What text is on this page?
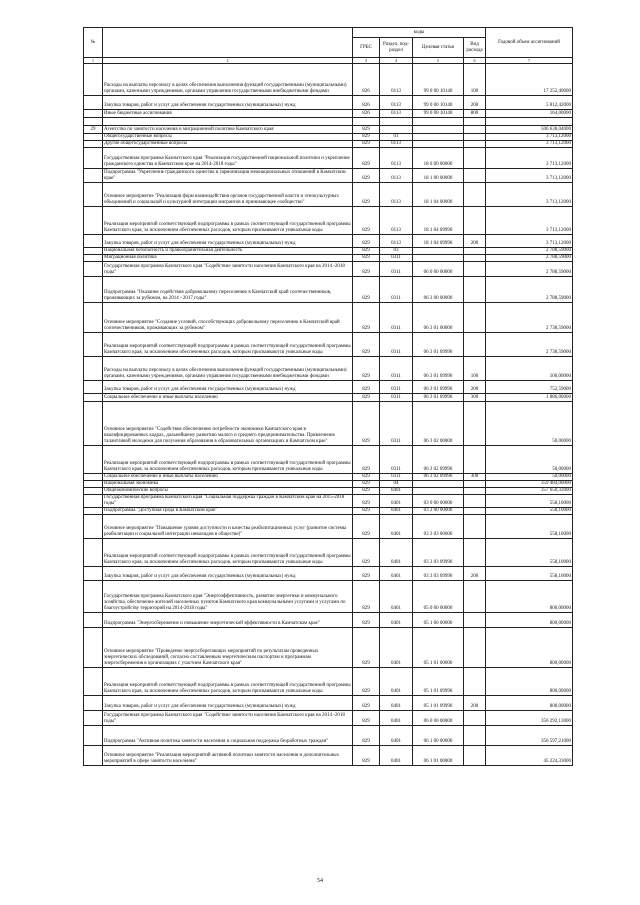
№		коды				Годовой объем ассигнований
		ГРБС	Раздел, под-раздел	Целевая статья	Вид расхода	
1	2	3	4	5	6	7
	Расходы на выплаты персоналу в целях обеспечения выполнения функций государственными (муниципальными) органами, казенными учреждениями, органами управления государственными внебюджетными фондами	826	0113	99 0 00 10140	100	17 252,40000
	Закупка товаров, работ и услуг для обеспечения государственных (муниципальных) нужд	826	0113	99 0 00 10140	200	5 812,42000
	Иные бюджетные ассигнования	826	0113	99 0 00 10140	800	164,00000

29	Агентство по занятости населения и миграционной политике Камчатского края	829				506 638,04000
	Общегосударственные вопросы	829	01			3 713,12000
	Другие общегосударственные вопросы	829	0113			3 713,12000
	Государственная программа Камчатского края "Реализация государственной национальной политики и укрепление гражданского единства в Камчатском крае на 2014-2018 годы"	829	0113	18 0 00 00000		3 713,12000
	Подпрограмма "Укрепление гражданского единства и гармонизация межнациональных отношений в Камчатском крае"	829	0113	18 1 00 00000		3 713,12000
	Основное мероприятие "Реализация форм взаимодействия органов государственной власти и этнокультурных объединений и социальной и культурной интеграции мигрантов в принимающее сообщество"	829	0113	18 1 04 00000		3 713,12000
	Реализация мероприятий соответствующей подпрограммы в рамках соответствующей государственной программы Камчатского края, за исключением обеспеченных расходов, которым присваиваются уникальные коды	829	0113	18 1 04 09990		3 713,12000
	Закупка товаров, работ и услуг для обеспечения государственных (муниципальных) нужд	829	0113	18 1 04 09990	200	3 713,12000
	Национальная безопасность и правоохранительная деятельность	829	03			2 788,59000
	Миграционная политика	829	0311			2 788,59000
	Государственная программа Камчатского края "Содействие занятости населения Камчатского края на 2014 -2018 годы"	829	0311	06 0 00 00000		2 788,59000
	Подпрограмма "Оказание содействия добровольному переселению в Камчатский край соотечественников, проживающих за рубежом, на 2014 - 2017 годы"	829	0311	06 3 00 00000		2 788,59000
	Основное мероприятие "Создание условий, способствующих добровольному переселению в Камчатский край соотечественников, проживающих за рубежом"	829	0311	06 3 01 00000		2 738,59000
	Реализация мероприятий соответствующей подпрограммы в рамках соответствующей государственной программы Камчатского края, за исключением обеспеченных расходов, которым присваиваются уникальные коды	829	0311	06 3 01 09990		2 738,59000
	Расходы на выплаты персоналу в целях обеспечения выполнения функций государственными (муниципальными) органами, казенными учреждениями, органами управления государственными внебюджетными фондами	829	0311	06 3 01 09990	100	100,00000
	Закупка товаров, работ и услуг для обеспечения государственных (муниципальных) нужд	829	0311	06 3 01 09990	200	752,59000
	Социальное обеспечение и иные выплаты населению	829	0311	06 3 01 09990	300	1 886,00000
	Основное мероприятие "Содействие обеспечению потребности экономики Камчатского края в квалифицированных кадрах, дальнейшему развитию малого и среднего предпринимательства. Привлечение талантливой молодежи для получения образования в образовательных организациях в Камчатском крае"	829	0311	06 3 02 00000		50,00000
	Реализация мероприятий соответствующей подпрограммы в рамках соответствующей государственной программы Камчатского края, за исключением обеспеченных расходов, которым присваиваются уникальные коды	829	0311	06 3 02 09990		50,00000
	Социальное обеспечение и иные выплаты населению	829	0311	06 3 02 09990	300	50,00000
	Национальная экономика	829	04			359 484,00000
	Общеэкономические вопросы	829	0401			357 650,32000
	Государственная программа Камчатского края "Социальная поддержка граждан в Камчатском крае на 2015-2018 годы"	829	0401	03 0 00 00000		558,10000
	Подпрограмма "Доступная среда в Камчатском крае"	829	0401	03 3 00 00000		558,10000
	Основное мероприятие "Повышение уровня доступности и качества реабилитационных услуг (развитие системы реабилитации и социальной интеграции инвалидов в обществе)"	829	0401	03 3 03 00000		558,10000
	Реализация мероприятий соответствующей подпрограммы в рамках соответствующей государственной программы Камчатского края, за исключением обеспеченных расходов, которым присваиваются уникальные коды	829	0401	03 3 03 09990		558,10000
	Закупка товаров, работ и услуг для обеспечения государственных (муниципальных) нужд	829	0401	03 3 03 09990	200	558,10000
	Государственная программа Камчатского края "Энергоэффективность, развитие энергетики и коммунального хозяйства, обеспечение жителей населенных пунктов Камчатского края коммунальными услугами и услугами по благоустройству территорий на 2014-2018 годы"	829	0401	05 0 00 00000		800,00000
	Подпрограмма "Энергосбережение и повышение энергетической эффективности в Камчатском крае"	829	0401	05 1 00 00000		800,00000
	Основное мероприятие "Проведение энергосберегающих мероприятий по результатам проведенных энергетических обследований, согласно составленным энергетическим паспортам и программам энергосбережения в организациях с участием Камчатского края"	829	0401	05 1 01 00000		800,00000
	Реализация мероприятий соответствующей подпрограммы в рамках соответствующей государственной программы Камчатского края, за исключением обеспеченных расходов, которым присваиваются уникальные коды	829	0401	05 1 01 09990		800,00000
	Закупка товаров, работ и услуг для обеспечения государственных (муниципальных) нужд	829	0401	05 1 01 09990	200	800,00000
	Государственная программа Камчатского края "Содействие занятости населения Камчатского края на 2014 -2018 годы"	829	0401	06 0 00 00000		356 292,13000
	Подпрограмма "Активная политика занятости населения и социальная поддержка безработных граждан"	829	0401	06 1 00 00000		356 597,21000
	Основное мероприятие "Реализация мероприятий активной политики занятости населения и дополнительных мероприятий в сфере занятости населения"	829	0401	06 1 01 00000		45 224,33000
54
